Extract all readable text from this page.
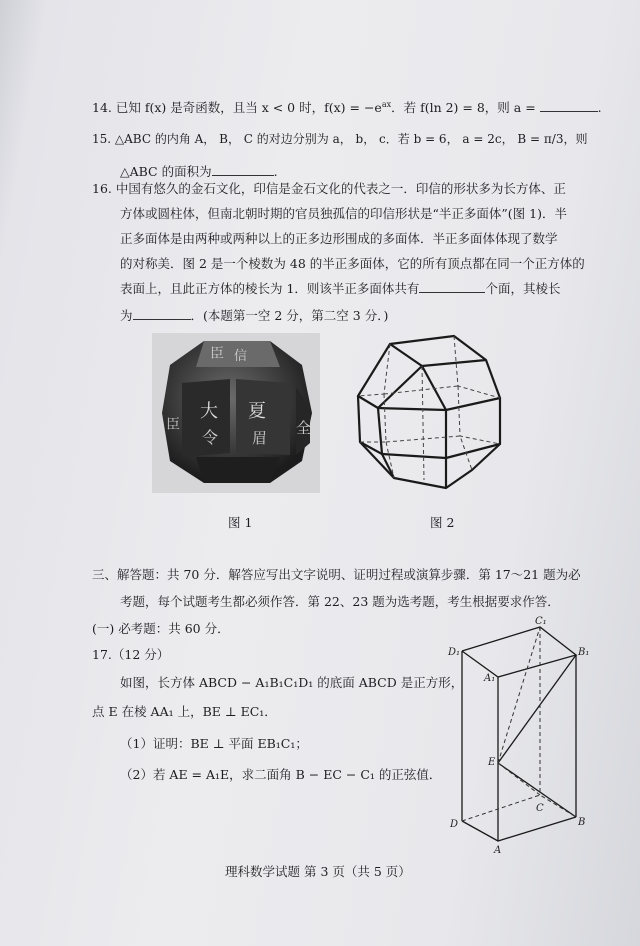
14. 已知 f(x) 是奇函数，且当 x < 0 时，$f(x) = -e^{ax}$．若 f(ln 2) = 8，则 a =	.
15. △ABC 的内角 A， B， C 的对边分别为 a， b， c．若 b = 6， a = 2c， B = π/3，则
△ABC 的面积为	.
16. 中国有悠久的金石文化，印信是金石文化的代表之一．印信的形状多为长方体、正
方体或圆柱体，但南北朝时期的官员独孤信的印信形状是“半正多面体”(图 1)．半
正多面体是由两种或两种以上的正多边形围成的多面体．半正多面体体现了数学
的对称美．图 2 是一个棱数为 48 的半正多面体，它的所有顶点都在同一个正方体的
表面上，且此正方体的棱长为 1．则该半正多面体共有	个面，其棱长
为	．(本题第一空 2 分，第二空 3 分．)
臣 信
大
令
夏
眉
全
臣
图 1	图 2
三、解答题：共 70 分．解答应写出文字说明、证明过程或演算步骤．第 17～21 题为必
考题，每个试题考生都必须作答．第 22、23 题为选考题，考生根据要求作答．
(一) 必考题：共 60 分．
17.（12 分）
如图，长方体 ABCD − A₁B₁C₁D₁ 的底面 ABCD 是正方形，
点 E 在棱 AA₁ 上，BE ⊥ EC₁．
（1）证明：BE ⊥ 平面 EB₁C₁；
（2）若 AE = A₁E，求二面角 B − EC − C₁ 的正弦值．
D₁
C₁
B₁
A₁
E
D
C
B
A
理科数学试题 第 3 页（共 5 页）
